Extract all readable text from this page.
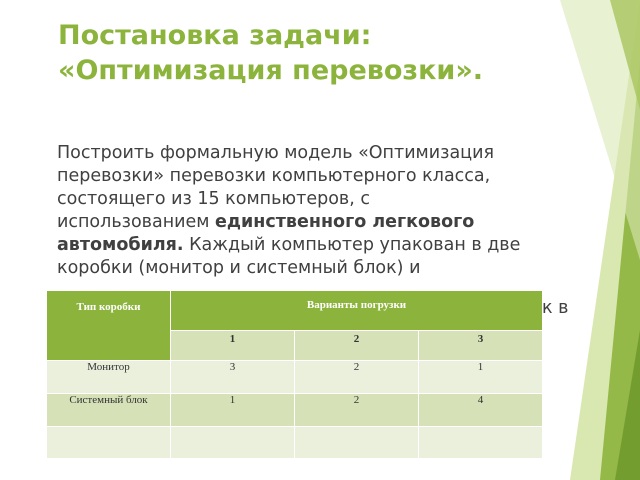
Постановка задачи:
«Оптимизация перевозки».
Построить формальную модель «Оптимизация
перевозки» перевозки компьютерного класса,
состоящего из 15 компьютеров, с
использованием единственного легкового
автомобиля. Каждый компьютер упакован в две
коробки (монитор и системный блок) и
к в
Тип коробки	Варианты погрузки		

	1	2	3

Монитор	3	2	1

Системный блок	1	2	4
